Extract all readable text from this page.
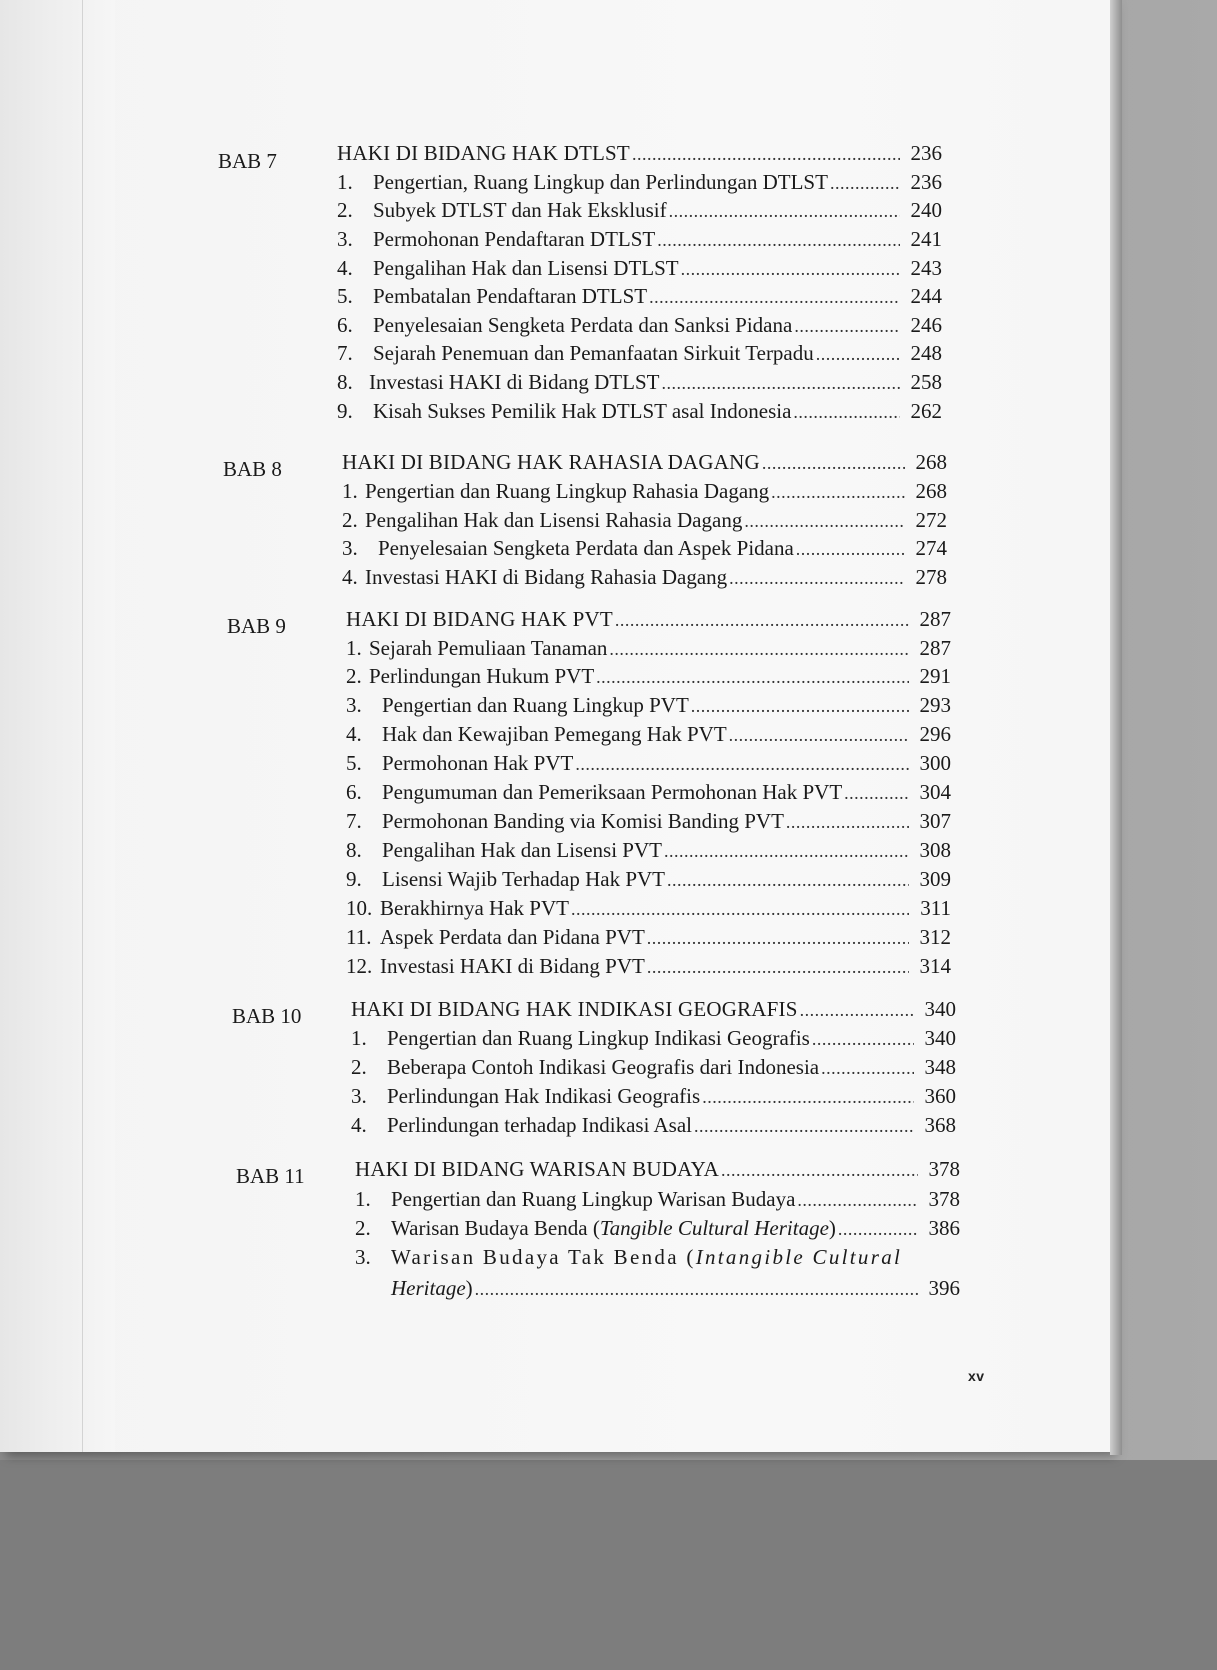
BAB 7	HAKI DI BIDANG HAK DTLST .....	236
1. Pengertian, Ruang Lingkup dan Perlindungan DTLST .....	236
2. Subyek DTLST dan Hak Eksklusif .....	240
3. Permohonan Pendaftaran DTLST .....	241
4. Pengalihan Hak dan Lisensi DTLST .....	243
5. Pembatalan Pendaftaran DTLST .....	244
6. Penyelesaian Sengketa Perdata dan Sanksi Pidana .....	246
7. Sejarah Penemuan dan Pemanfaatan Sirkuit Terpadu .....	248
8. Investasi HAKI di Bidang DTLST .....	258
9. Kisah Sukses Pemilik Hak DTLST asal Indonesia .....	262
BAB 8	HAKI DI BIDANG HAK RAHASIA DAGANG .....	268
1. Pengertian dan Ruang Lingkup Rahasia Dagang .....	268
2. Pengalihan Hak dan Lisensi Rahasia Dagang .....	272
3. Penyelesaian Sengketa Perdata dan Aspek Pidana .....	274
4. Investasi HAKI di Bidang Rahasia Dagang .....	278
BAB 9	HAKI DI BIDANG HAK PVT .....	287
1. Sejarah Pemuliaan Tanaman .....	287
2. Perlindungan Hukum PVT .....	291
3. Pengertian dan Ruang Lingkup PVT .....	293
4. Hak dan Kewajiban Pemegang Hak PVT .....	296
5. Permohonan Hak PVT .....	300
6. Pengumuman dan Pemeriksaan Permohonan Hak PVT .....	304
7. Permohonan Banding via Komisi Banding PVT .....	307
8. Pengalihan Hak dan Lisensi PVT .....	308
9. Lisensi Wajib Terhadap Hak PVT .....	309
10. Berakhirnya Hak PVT .....	311
11. Aspek Perdata dan Pidana PVT .....	312
12. Investasi HAKI di Bidang PVT .....	314
BAB 10 HAKI DI BIDANG HAK INDIKASI GEOGRAFIS .....	340
1. Pengertian dan Ruang Lingkup Indikasi Geografis .....	340
2. Beberapa Contoh Indikasi Geografis dari Indonesia .....	348
3. Perlindungan Hak Indikasi Geografis .....	360
4. Perlindungan terhadap Indikasi Asal .....	368
BAB 11 HAKI DI BIDANG WARISAN BUDAYA .....	378
1. Pengertian dan Ruang Lingkup Warisan Budaya .....	378
2. Warisan Budaya Benda (Tangible Cultural Heritage) .....	386
3. Warisan Budaya Tak Benda (Intangible Cultural
Heritage) .....	396
xv
